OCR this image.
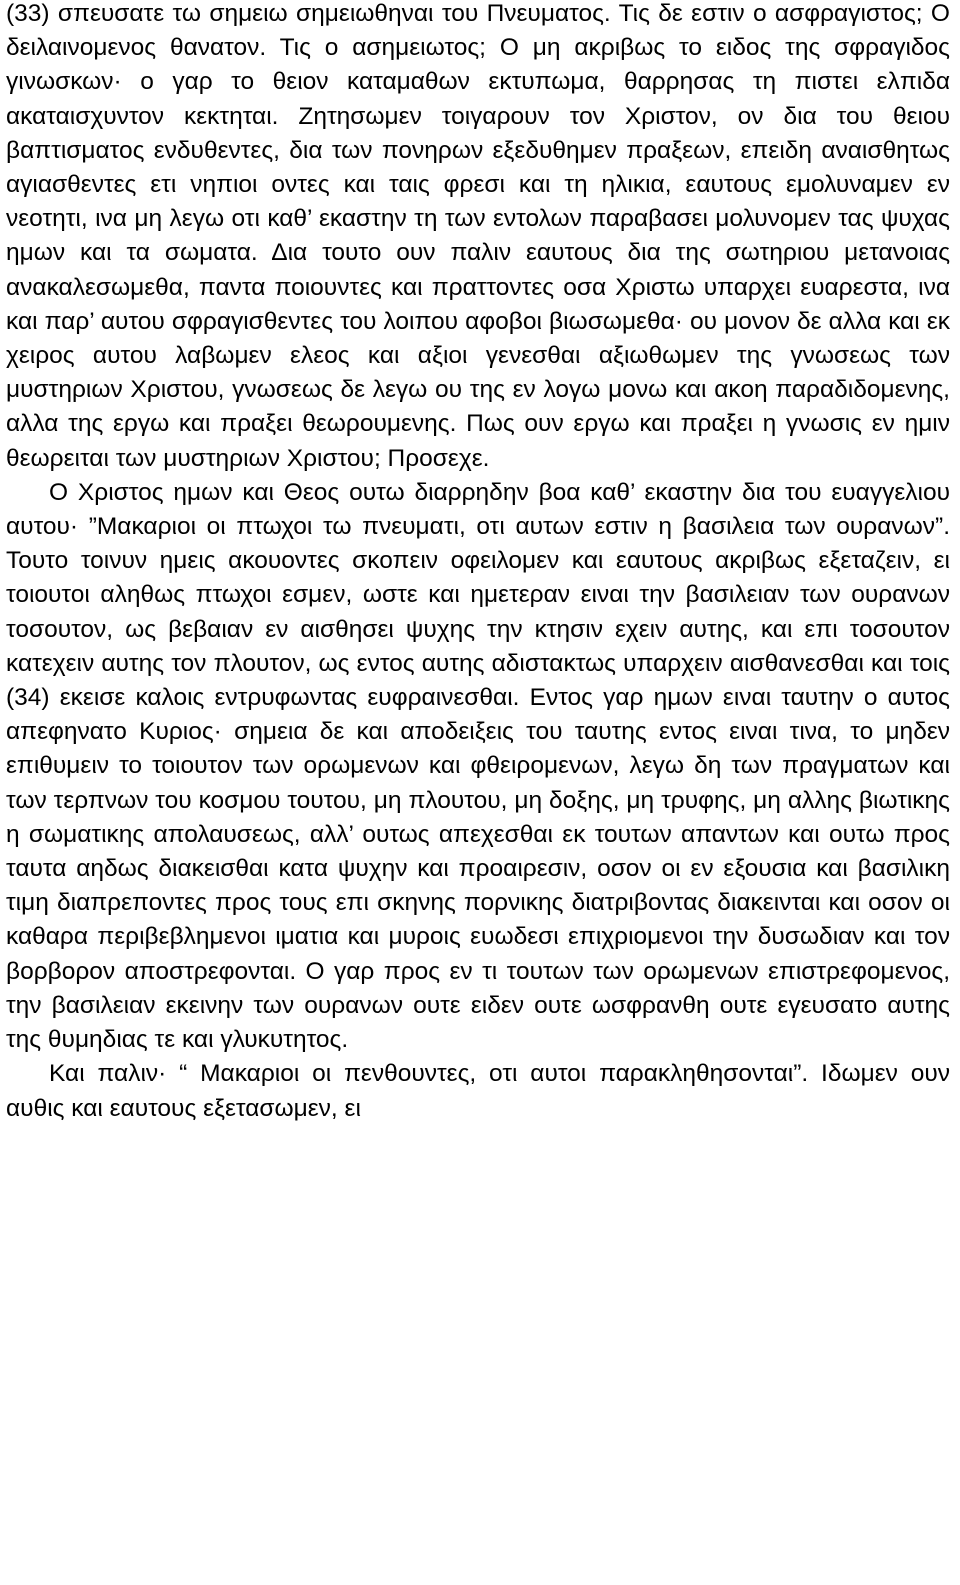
(33) σπευσατε τω σημειω σημειωθηναι του Πνευματος. Τις δε εστιν ο ασφραγιστος; Ο δειλαινομενος θανατον. Τις ο ασημειωτος; Ο μη ακριβως το ειδος της σφραγιδος γινωσκων· ο γαρ το θειον καταμαθων εκτυπωμα, θαρρησας τη πιστει ελπιδα ακαταισχυντον κεκτηται. Ζητησωμεν τοιγαρουν τον Χριστον, ον δια του θειου βαπτισματος ενδυθεντες, δια των πονηρων εξεδυθημεν πραξεων, επειδη αναισθητως αγιασθεντες ετι νηπιοι οντες και ταις φρεσι και τη ηλικια, εαυτους εμολυναμεν εν νεοτητι, ινα μη λεγω οτι καθ’ εκαστην τη των εντολων παραβασει μολυνομεν τας ψυχας ημων και τα σωματα. Δια τουτο ουν παλιν εαυτους δια της σωτηριου μετανοιας ανακαλεσωμεθα, παντα ποιουντες και πραττοντες οσα Χριστω υπαρχει ευαρεστα, ινα και παρ’ αυτου σφραγισθεντες του λοιπου αφοβοι βιωσωμεθα· ου μονον δε αλλα και εκ χειρος αυτου λαβωμεν ελεος και αξιοι γενεσθαι αξιωθωμεν της γνωσεως των μυστηριων Χριστου, γνωσεως δε λεγω ου της εν λογω μονω και ακοη παραδιδομενης, αλλα της εργω και πραξει θεωρουμενης. Πως ουν εργω και πραξει η γνωσις εν ημιν θεωρειται των μυστηριων Χριστου; Προσεχε.

Ο Χριστος ημων και Θεος ουτω διαρρηδην βοα καθ’ εκαστην δια του ευαγγελιου αυτου· ”Μακαριοι οι πτωχοι τω πνευματι, οτι αυτων εστιν η βασιλεια των ουρανων”. Τουτο τοινυν ημεις ακουοντες σκοπειν οφειλομεν και εαυτους ακριβως εξεταζειν, ει τοιουτοι αληθως πτωχοι εσμεν, ωστε και ημετεραν ειναι την βασιλειαν των ουρανων τοσουτον, ως βεβαιαν εν αισθησει ψυχης την κτησιν εχειν αυτης, και επι τοσουτον κατεχειν αυτης τον πλουτον, ως εντος αυτης αδιστακτως υπαρχειν αισθανεσθαι και τοις (34) εκεισε καλοις εντρυφωντας ευφραινεσθαι. Εντος γαρ ημων ειναι ταυτην ο αυτος απεφηνατο Κυριος· σημεια δε και αποδειξεις του ταυτης εντος ειναι τινα, το μηδεν επιθυμειν το τοιουτον των ορωμενων και φθειρομενων, λεγω δη των πραγματων και των τερπνων του κοσμου τουτου, μη πλουτου, μη δοξης, μη τρυφης, μη αλλης βιωτικης η σωματικης απολαυσεως, αλλ’ ουτως απεχεσθαι εκ τουτων απαντων και ουτω προς ταυτα αηδως διακεισθαι κατα ψυχην και προαιρεσιν, οσον οι εν εξουσια και βασιλικη τιμη διαπρεποντες προς τους επι σκηνης πορνικης διατριβοντας διακεινται και οσον οι καθαρα περιβεβλημενοι ιματια και μυροις ευωδεσι επιχριομενοι την δυσωδιαν και τον βορβορον αποστρεφονται. Ο γαρ προς εν τι τουτων των ορωμενων επιστρεφομενος, την βασιλειαν εκεινην των ουρανων ουτε ειδεν ουτε ωσφρανθη ουτε εγευσατο αυτης της θυμηδιας τε και γλυκυτητος.

Και παλιν· “ Μακαριοι οι πενθουντες, οτι αυτοι παρακληθησονται”. Ιδωμεν ουν αυθις και εαυτους εξετασωμεν, ει
